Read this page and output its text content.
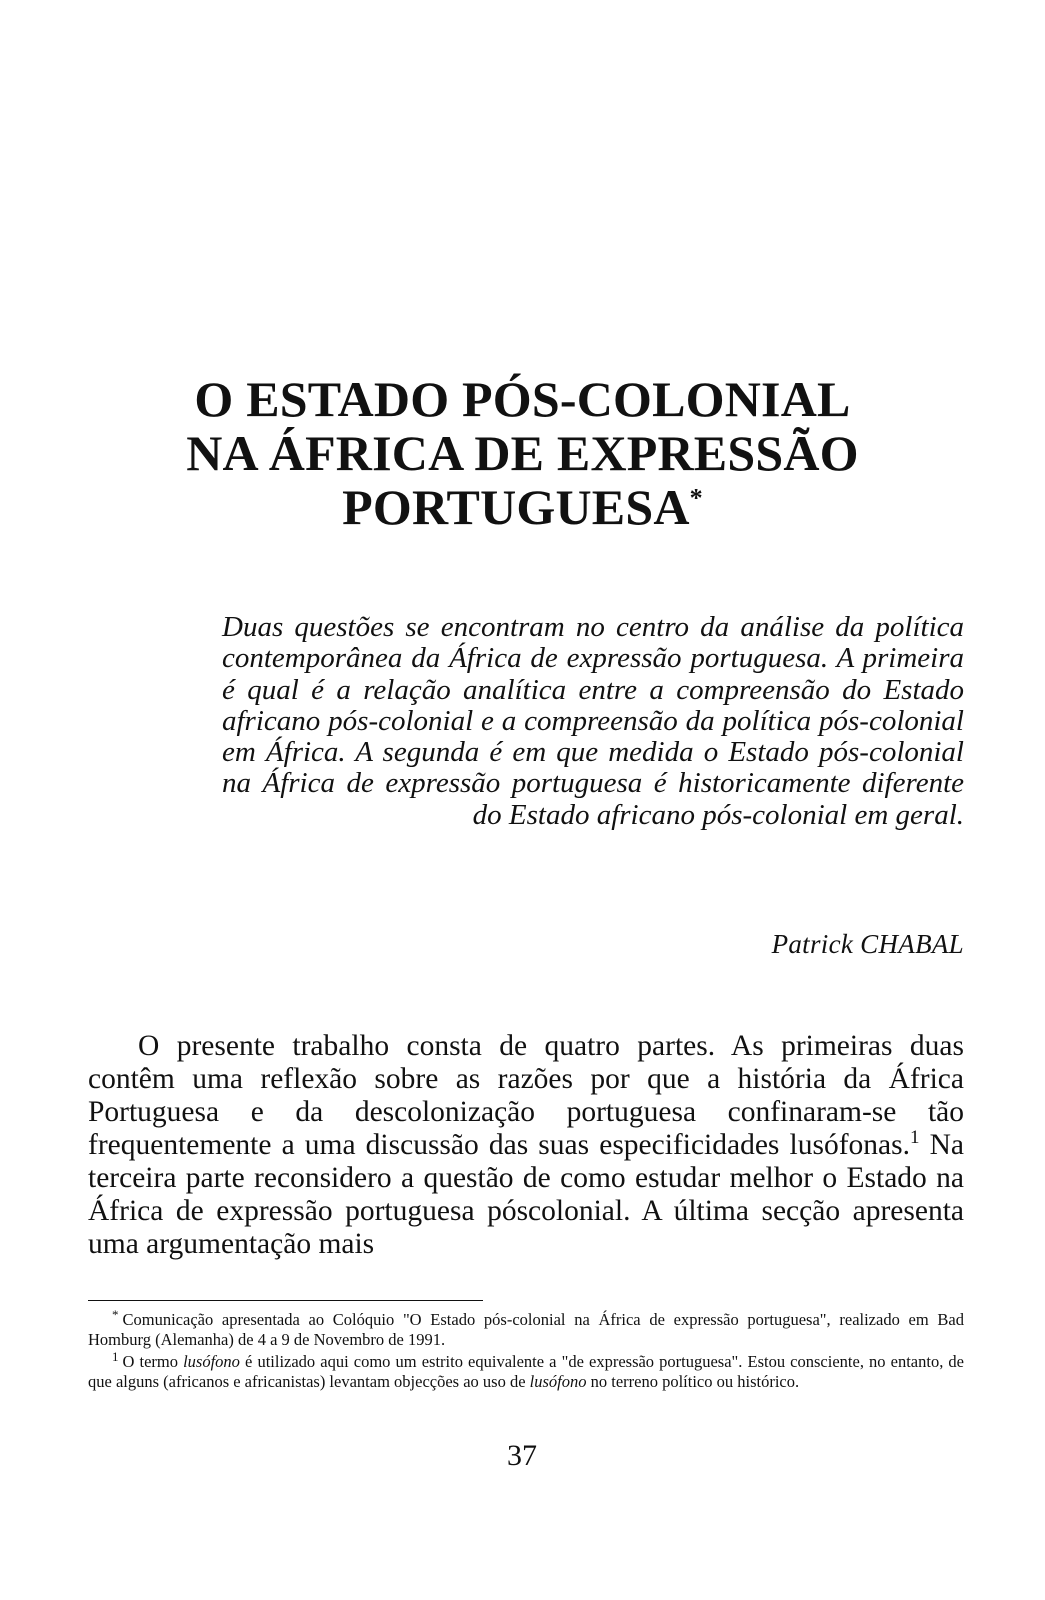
O ESTADO PÓS-COLONIAL
NA ÁFRICA DE EXPRESSÃO
PORTUGUESA*

Duas questões se encontram no centro da análise da política contemporânea da África de expressão portuguesa. A primeira é qual é a relação analítica entre a compreensão do Estado africano pós-colonial e a compreensão da política pós-colonial em África. A segunda é em que medida o Estado pós-colonial na África de expressão portuguesa é historicamente diferente do Estado africano pós-colonial em geral.

Patrick CHABAL

O presente trabalho consta de quatro partes. As primeiras duas contêm uma reflexão sobre as razões por que a história da África Portuguesa e da descolonização portuguesa confinaram-se tão frequentemente a uma discussão das suas especificidades lusófonas.$^1$ Na terceira parte reconsidero a questão de como estudar melhor o Estado na África de expressão portuguesa póscolonial. A última secção apresenta uma argumentação mais

* Comunicação apresentada ao Colóquio "O Estado pós-colonial na África de expressão portuguesa", realizado em Bad Homburg (Alemanha) de 4 a 9 de Novembro de 1991.

$^1$ O termo lusófono é utilizado aqui como um estrito equivalente a "de expressão portuguesa". Estou consciente, no entanto, de que alguns (africanos e africanistas) levantam objecções ao uso de lusófono no terreno político ou histórico.

37
